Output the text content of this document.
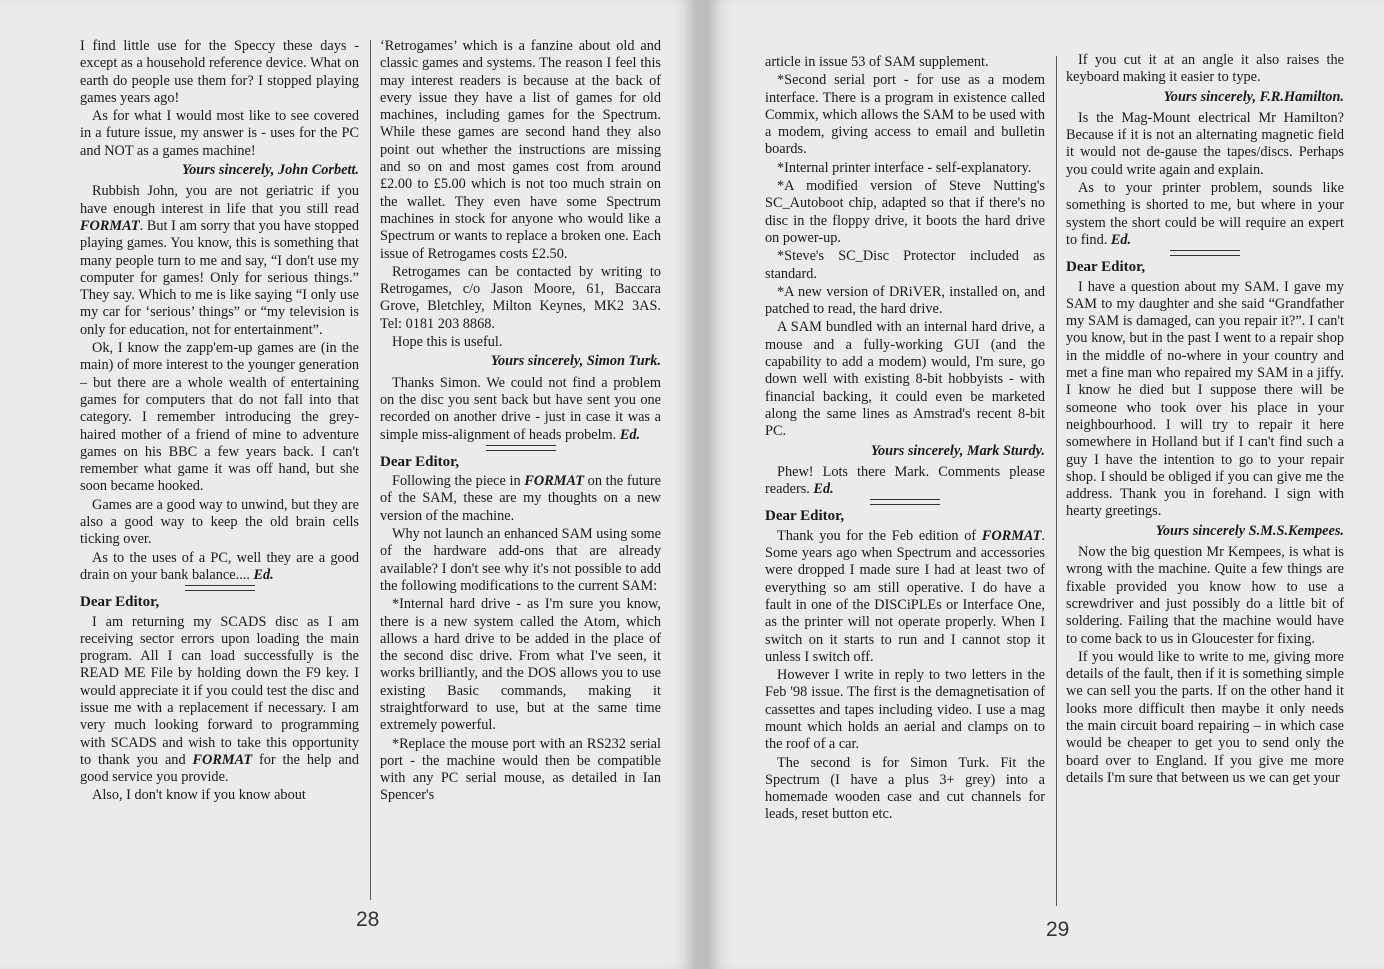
I find little use for the Speccy these days - except as a household reference device. What on earth do people use them for? I stopped playing games years ago!

As for what I would most like to see covered in a future issue, my answer is - uses for the PC and NOT as a games machine!

Yours sincerely, John Corbett.

Rubbish John, you are not geriatric if you have enough interest in life that you still read FORMAT. But I am sorry that you have stopped playing games. You know, this is something that many people turn to me and say, “I don't use my computer for games! Only for serious things.” They say. Which to me is like saying “I only use my car for ‘serious’ things” or “my television is only for education, not for entertainment”.

Ok, I know the zapp'em-up games are (in the main) of more interest to the younger generation – but there are a whole wealth of entertaining games for computers that do not fall into that category. I remember introducing the grey-haired mother of a friend of mine to adventure games on his BBC a few years back. I can't remember what game it was off hand, but she soon became hooked.

Games are a good way to unwind, but they are also a good way to keep the old brain cells ticking over.

As to the uses of a PC, well they are a good drain on your bank balance.... Ed.

Dear Editor,

I am returning my SCADS disc as I am receiving sector errors upon loading the main program. All I can load successfully is the READ ME File by holding down the F9 key. I would appreciate it if you could test the disc and issue me with a replacement if necessary. I am very much looking forward to programming with SCADS and wish to take this opportunity to thank you and FORMAT for the help and good service you provide.

Also, I don't know if you know about

‘Retrogames’ which is a fanzine about old and classic games and systems. The reason I feel this may interest readers is because at the back of every issue they have a list of games for old machines, including games for the Spectrum. While these games are second hand they also point out whether the instructions are missing and so on and most games cost from around £2.00 to £5.00 which is not too much strain on the wallet. They even have some Spectrum machines in stock for anyone who would like a Spectrum or wants to replace a broken one. Each issue of Retrogames costs £2.50.

Retrogames can be contacted by writing to Retrogames, c/o Jason Moore, 61, Baccara Grove, Bletchley, Milton Keynes, MK2 3AS. Tel: 0181 203 8868.

Hope this is useful.

Yours sincerely, Simon Turk.

Thanks Simon. We could not find a problem on the disc you sent back but have sent you one recorded on another drive - just in case it was a simple miss-alignment of heads probelm. Ed.

Dear Editor,

Following the piece in FORMAT on the future of the SAM, these are my thoughts on a new version of the machine.

Why not launch an enhanced SAM using some of the hardware add-ons that are already available? I don't see why it's not possible to add the following modifications to the current SAM:

*Internal hard drive - as I'm sure you know, there is a new system called the Atom, which allows a hard drive to be added in the place of the second disc drive. From what I've seen, it works brilliantly, and the DOS allows you to use existing Basic commands, making it straightforward to use, but at the same time extremely powerful.

*Replace the mouse port with an RS232 serial port - the machine would then be compatible with any PC serial mouse, as detailed in Ian Spencer's

28	29

article in issue 53 of SAM supplement.

*Second serial port - for use as a modem interface. There is a program in existence called Commix, which allows the SAM to be used with a modem, giving access to email and bulletin boards.

*Internal printer interface - self-explanatory.

*A modified version of Steve Nutting's SC_Autoboot chip, adapted so that if there's no disc in the floppy drive, it boots the hard drive on power-up.

*Steve's SC_Disc Protector included as standard.

*A new version of DRiVER, installed on, and patched to read, the hard drive.

A SAM bundled with an internal hard drive, a mouse and a fully-working GUI (and the capability to add a modem) would, I'm sure, go down well with existing 8-bit hobbyists - with financial backing, it could even be marketed along the same lines as Amstrad's recent 8-bit PC.

Yours sincerely, Mark Sturdy.

Phew! Lots there Mark. Comments please readers. Ed.

Dear Editor,

Thank you for the Feb edition of FORMAT. Some years ago when Spectrum and accessories were dropped I made sure I had at least two of everything so am still operative. I do have a fault in one of the DISCiPLEs or Interface One, as the printer will not operate properly. When I switch on it starts to run and I cannot stop it unless I switch off.

However I write in reply to two letters in the Feb '98 issue. The first is the demagnetisation of cassettes and tapes including video. I use a mag mount which holds an aerial and clamps on to the roof of a car.

The second is for Simon Turk. Fit the Spectrum (I have a plus 3+ grey) into a homemade wooden case and cut channels for leads, reset button etc.

If you cut it at an angle it also raises the keyboard making it easier to type.

Yours sincerely, F.R.Hamilton.

Is the Mag-Mount electrical Mr Hamilton? Because if it is not an alternating magnetic field it would not de-gause the tapes/discs. Perhaps you could write again and explain.

As to your printer problem, sounds like something is shorted to me, but where in your system the short could be will require an expert to find. Ed.

Dear Editor,

I have a question about my SAM. I gave my SAM to my daughter and she said “Grandfather my SAM is damaged, can you repair it?”. I can't you know, but in the past I went to a repair shop in the middle of no-where in your country and met a fine man who repaired my SAM in a jiffy. I know he died but I suppose there will be someone who took over his place in your neighbourhood. I will try to repair it here somewhere in Holland but if I can't find such a guy I have the intention to go to your repair shop. I should be obliged if you can give me the address. Thank you in forehand. I sign with hearty greetings.

Yours sincerely S.M.S.Kempees.

Now the big question Mr Kempees, is what is wrong with the machine. Quite a few things are fixable provided you know how to use a screwdriver and just possibly do a little bit of soldering. Failing that the machine would have to come back to us in Gloucester for fixing.

If you would like to write to me, giving more details of the fault, then if it is something simple we can sell you the parts. If on the other hand it looks more difficult then maybe it only needs the main circuit board repairing – in which case would be cheaper to get you to send only the board over to England. If you give me more details I'm sure that between us we can get your
